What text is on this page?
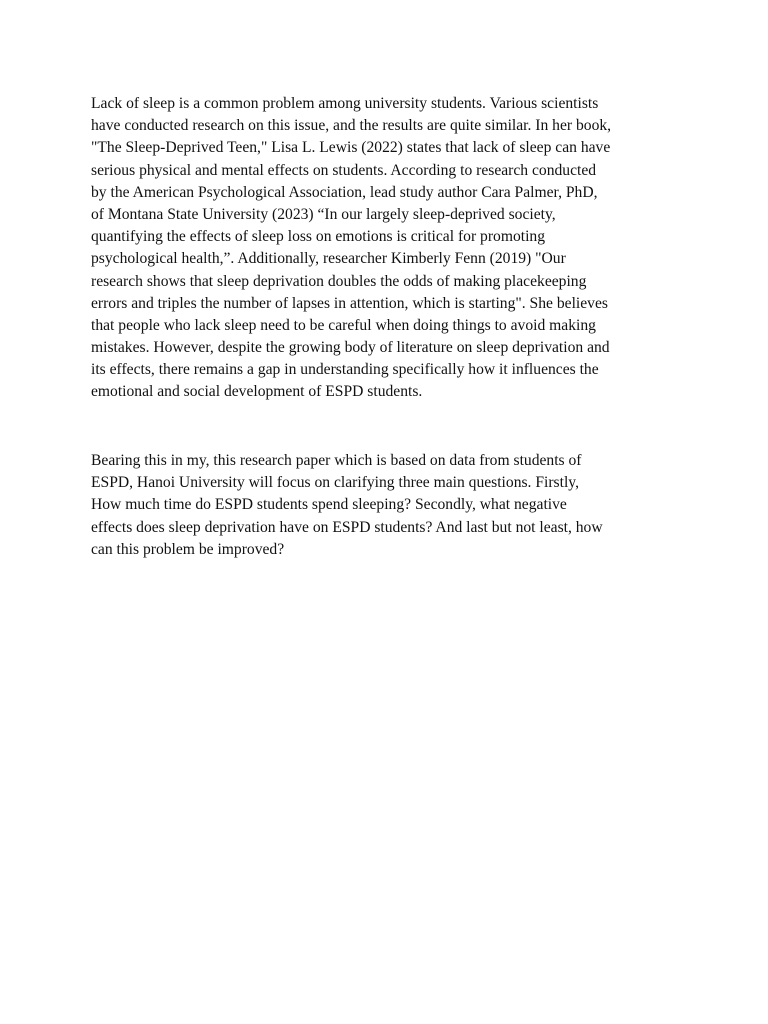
Lack of sleep is a common problem among university students. Various scientists
have conducted research on this issue, and the results are quite similar. In her book,
"The Sleep-Deprived Teen," Lisa L. Lewis (2022) states that lack of sleep can have
serious physical and mental effects on students. According to research conducted
by the American Psychological Association, lead study author Cara Palmer, PhD,
of Montana State University (2023) “In our largely sleep-deprived society,
quantifying the effects of sleep loss on emotions is critical for promoting
psychological health,”. Additionally, researcher Kimberly Fenn (2019) "Our
research shows that sleep deprivation doubles the odds of making placekeeping
errors and triples the number of lapses in attention, which is starting". She believes
that people who lack sleep need to be careful when doing things to avoid making
mistakes. However, despite the growing body of literature on sleep deprivation and
its effects, there remains a gap in understanding specifically how it influences the
emotional and social development of ESPD students.

Bearing this in my, this research paper which is based on data from students of
ESPD, Hanoi University will focus on clarifying three main questions. Firstly,
How much time do ESPD students spend sleeping? Secondly, what negative
effects does sleep deprivation have on ESPD students? And last but not least, how
can this problem be improved?
